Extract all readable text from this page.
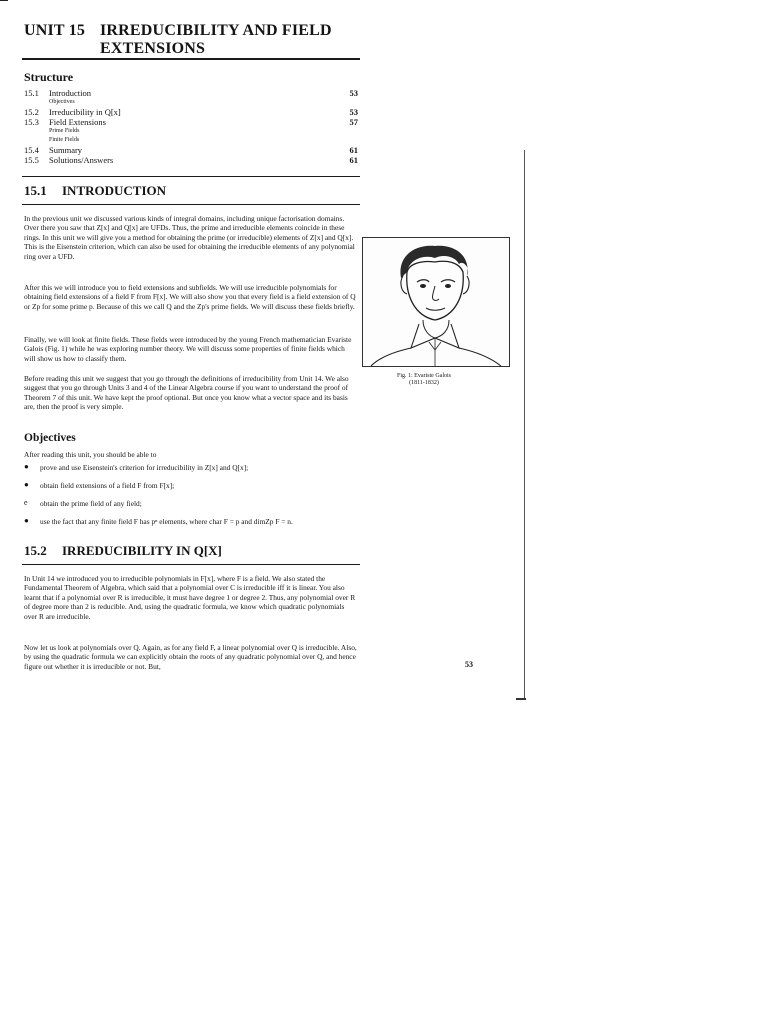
UNIT 15 IRREDUCIBILITY AND FIELD
EXTENSIONS
Structure
15.1 Introduction	53
Objectives
15.2 Irreducibility in Q[x]	53
15.3 Field Extensions	57
Prime Fields
Finite Fields
15.4 Summary	61
15.5 Solutions/Answers	61
15.1 INTRODUCTION
In the previous unit we discussed various kinds of integral domains, including unique factorisation domains. Over there you saw that Z[x] and Q[x] are UFDs. Thus, the prime and irreducible elements coincide in these rings. In this unit we will give you a method for obtaining the prime (or irreducible) elements of Z[x] and Q[x]. This is the Eisenstein criterion, which can also be used for obtaining the irreducible elements of any polynomial ring over a UFD.
After this we will introduce you to field extensions and subfields. We will use irreducible polynomials for obtaining field extensions of a field F from F[x]. We will also show you that every field is a field extension of Q or Zp for some prime p. Because of this we call Q and the Zp's prime fields. We will discuss these fields briefly.
Finally, we will look at finite fields. These fields were introduced by the young French mathematician Evariste Galois (Fig. 1) while he was exploring number theory. We will discuss some properties of finite fields which will show us how to classify them.
Before reading this unit we suggest that you go through the definitions of irreducibility from Unit 14. We also suggest that you go through Units 3 and 4 of the Linear Algebra course if you want to understand the proof of Theorem 7 of this unit. We have kept the proof optional. But once you know what a vector space and its basis are, then the proof is very simple.
Fig. 1: Evariste Galois
(1811-1832)
Objectives
After reading this unit, you should be able to
● prove and use Eisenstein's criterion for irreducibility in Z[x] and Q[x];
● obtain field extensions of a field F from F[x];
e obtain the prime field of any field;
● use the fact that any finite field F has pⁿ elements, where char F = p and dimZp F = n.
15.2 IRREDUCIBILITY IN Q[X]
In Unit 14 we introduced you to irreducible polynomials in F[x], where F is a field. We also stated the Fundamental Theorem of Algebra, which said that a polynomial over C is irreducible iff it is linear. You also learnt that if a polynomial over R is irreducible, it must have degree 1 or degree 2. Thus, any polynomial over R of degree more than 2 is reducible. And, using the quadratic formula, we know which quadratic polynomials over R are irreducible.
Now let us look at polynomials over Q. Again, as for any field F, a linear polynomial over Q is irreducible. Also, by using the quadratic formula we can explicitly obtain the roots of any quadratic polynomial over Q, and hence figure out whether it is irreducible or not. But,	53
